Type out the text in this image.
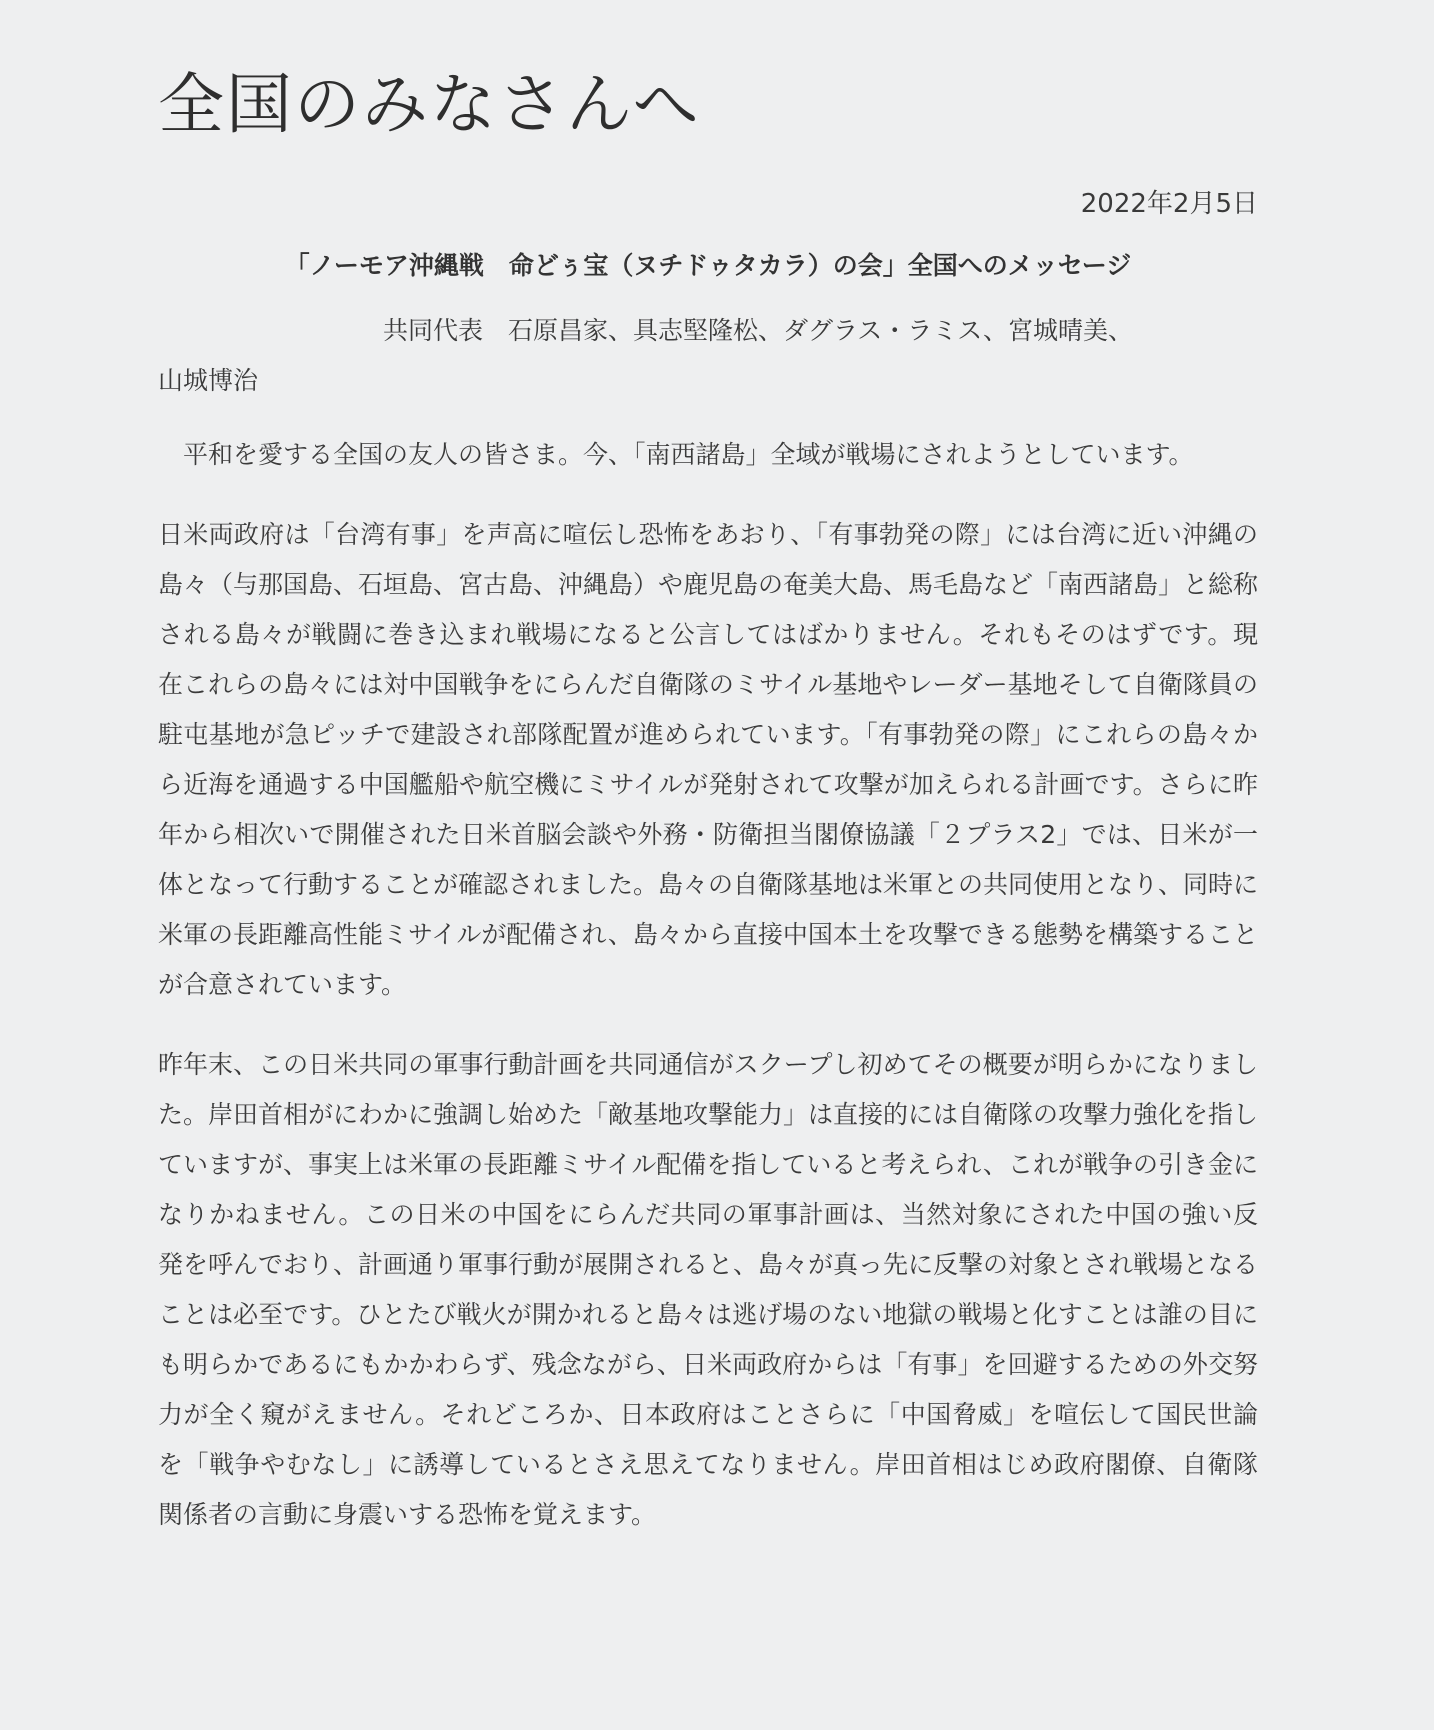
全国のみなさんへ

2022年2月5日

「ノーモア沖縄戦　命どぅ宝（ヌチドゥタカラ）の会」全国へのメッセージ

共同代表　石原昌家、具志堅隆松、ダグラス・ラミス、宮城晴美、
山城博治

平和を愛する全国の友人の皆さま。今、「南西諸島」全域が戦場にされようとしています。

日米両政府は「台湾有事」を声高に喧伝し恐怖をあおり、「有事勃発の際」には台湾に近い沖縄の島々（与那国島、石垣島、宮古島、沖縄島）や鹿児島の奄美大島、馬毛島など「南西諸島」と総称される島々が戦闘に巻き込まれ戦場になると公言してはばかりません。それもそのはずです。現在これらの島々には対中国戦争をにらんだ自衛隊のミサイル基地やレーダー基地そして自衛隊員の駐屯基地が急ピッチで建設され部隊配置が進められています。「有事勃発の際」にこれらの島々から近海を通過する中国艦船や航空機にミサイルが発射されて攻撃が加えられる計画です。さらに昨年から相次いで開催された日米首脳会談や外務・防衛担当閣僚協議「２プラス2」では、日米が一体となって行動することが確認されました。島々の自衛隊基地は米軍との共同使用となり、同時に米軍の長距離高性能ミサイルが配備され、島々から直接中国本土を攻撃できる態勢を構築することが合意されています。

昨年末、この日米共同の軍事行動計画を共同通信がスクープし初めてその概要が明らかになりました。岸田首相がにわかに強調し始めた「敵基地攻撃能力」は直接的には自衛隊の攻撃力強化を指していますが、事実上は米軍の長距離ミサイル配備を指していると考えられ、これが戦争の引き金になりかねません。この日米の中国をにらんだ共同の軍事計画は、当然対象にされた中国の強い反発を呼んでおり、計画通り軍事行動が展開されると、島々が真っ先に反撃の対象とされ戦場となることは必至です。ひとたび戦火が開かれると島々は逃げ場のない地獄の戦場と化すことは誰の目にも明らかであるにもかかわらず、残念ながら、日米両政府からは「有事」を回避するための外交努力が全く窺がえません。それどころか、日本政府はことさらに「中国脅威」を喧伝して国民世論を「戦争やむなし」に誘導しているとさえ思えてなりません。岸田首相はじめ政府閣僚、自衛隊関係者の言動に身震いする恐怖を覚えます。
